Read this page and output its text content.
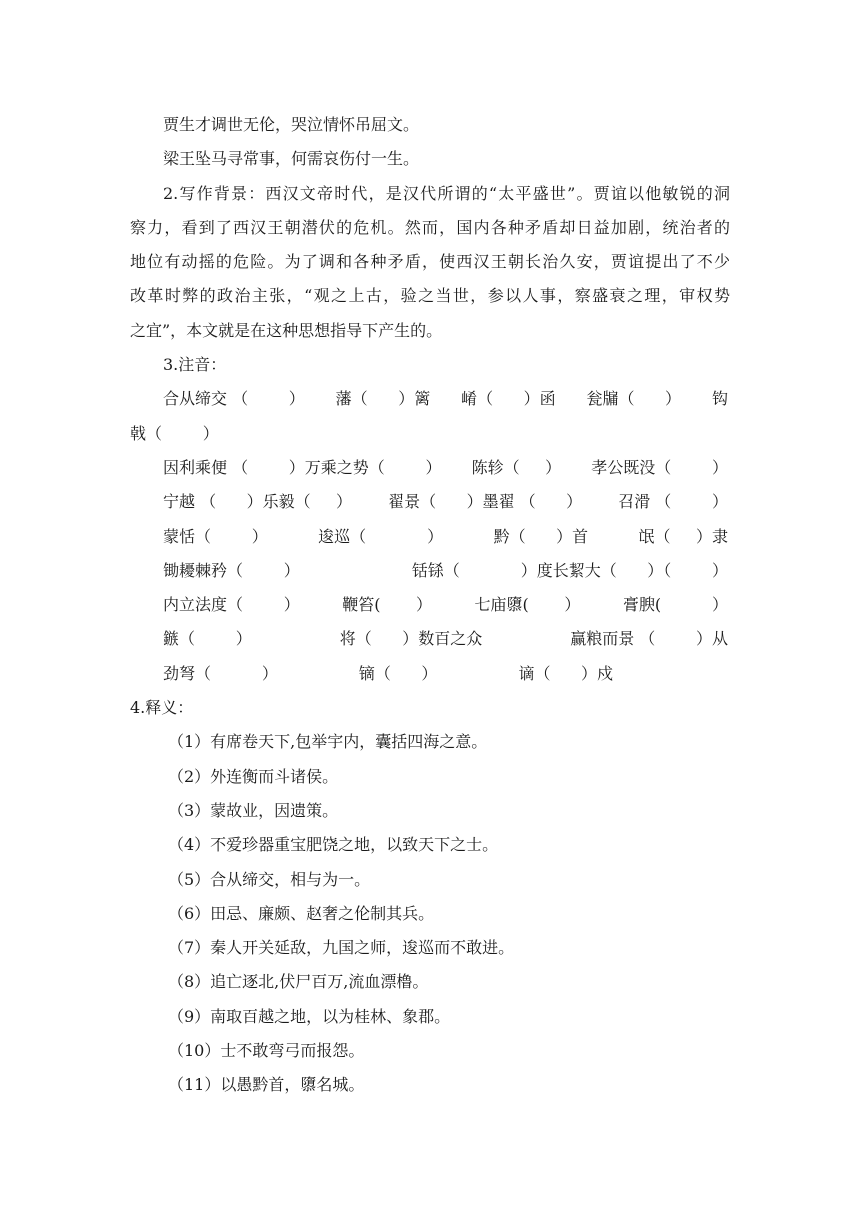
贾生才调世无伦，哭泣情怀吊屈文。
梁王坠马寻常事，何需哀伤付一生。
2.写作背景：西汉文帝时代，是汉代所谓的“太平盛世”。贾谊以他敏锐的洞
察力，看到了西汉王朝潜伏的危机。然而，国内各种矛盾却日益加剧，统治者的
地位有动摇的危险。为了调和各种矛盾，使西汉王朝长治久安，贾谊提出了不少
改革时弊的政治主张，“观之上古，验之当世，参以人事，察盛衰之理，审权势
之宜”，本文就是在这种思想指导下产生的。
3.注音：
合从缔交 （        ） 藩（      ）篱 崤（      ）函 瓮牖（      ） 钩
戟（        ）
因利乘便 （        ）万乘之势（        ） 陈轸（     ） 孝公既没（        ）
宁越 （      ）乐毅（     ） 翟景（      ）墨翟 （      ） 召滑 （        ）
蒙恬（        ）	逡巡（            ）	黔（      ）首	氓（     ）隶
锄耰棘矜（        ）	铦铩（            ）度长絜大（      ）（        ）
内立法度（        ）	鞭笞(       ）	七庙隳(       ）	膏腴(          ）
鏃（        ）	将（      ）数百之众	赢粮而景 （        ）从
劲弩（          ）	镝（      ）	谪（      ）戍
4.释义：
（1）有席卷天下,包举宇内，囊括四海之意。
（2）外连衡而斗诸侯。
（3）蒙故业，因遗策。
（4）不爱珍器重宝肥饶之地，以致天下之士。
（5）合从缔交，相与为一。
（6）田忌、廉颇、赵奢之伦制其兵。
（7）秦人开关延敌，九国之师，逡巡而不敢进。
（8）追亡逐北,伏尸百万,流血漂橹。
（9）南取百越之地，以为桂林、象郡。
（10）士不敢弯弓而报怨。
（11）以愚黔首，隳名城。
